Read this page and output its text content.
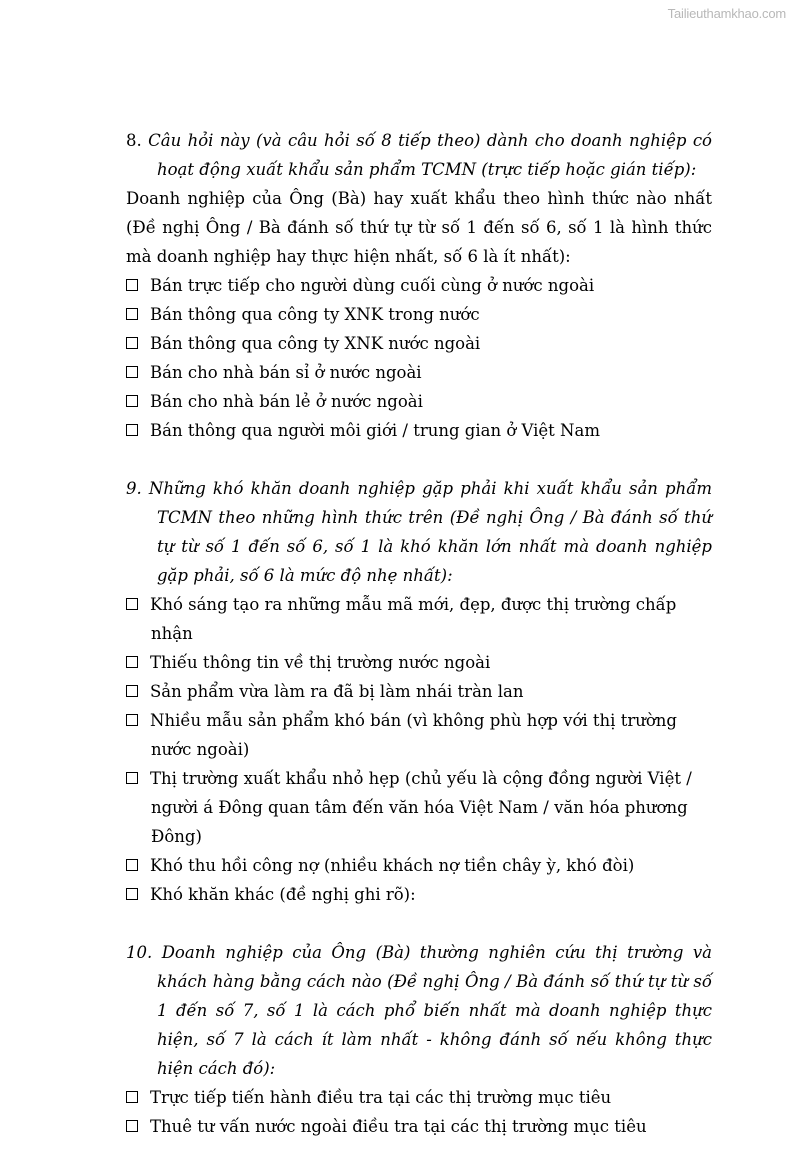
Tailieuthamkhao.com
8. Câu hỏi này (và câu hỏi số 8 tiếp theo) dành cho doanh nghiệp có hoạt động xuất khẩu sản phẩm TCMN (trực tiếp hoặc gián tiếp):
Doanh nghiệp của Ông (Bà) hay xuất khẩu theo hình thức nào nhất (Đề nghị Ông / Bà đánh số thứ tự từ số 1 đến số 6, số 1 là hình thức mà doanh nghiệp hay thực hiện nhất, số 6 là ít nhất):
Bán trực tiếp cho người dùng cuối cùng ở nước ngoài
Bán thông qua công ty XNK trong nước
Bán thông qua công ty XNK nước ngoài
Bán cho nhà bán sỉ ở nước ngoài
Bán cho nhà bán lẻ ở nước ngoài
Bán thông qua người môi giới / trung gian ở Việt Nam
9. Những khó khăn doanh nghiệp gặp phải khi xuất khẩu sản phẩm TCMN theo những hình thức trên (Đề nghị Ông / Bà đánh số thứ tự từ số 1 đến số 6, số 1 là khó khăn lớn nhất mà doanh nghiệp gặp phải, số 6 là mức độ nhẹ nhất):
Khó sáng tạo ra những mẫu mã mới, đẹp, được thị trường chấp nhận
Thiếu thông tin về thị trường nước ngoài
Sản phẩm vừa làm ra đã bị làm nhái tràn lan
Nhiều mẫu sản phẩm khó bán (vì không phù hợp với thị trường nước ngoài)
Thị trường xuất khẩu nhỏ hẹp (chủ yếu là cộng đồng người Việt / người á Đông quan tâm đến văn hóa Việt Nam / văn hóa phương Đông)
Khó thu hồi công nợ (nhiều khách nợ tiền chây ỳ, khó đòi)
Khó khăn khác (đề nghị ghi rõ):
10. Doanh nghiệp của Ông (Bà) thường nghiên cứu thị trường và khách hàng bằng cách nào (Đề nghị Ông / Bà đánh số thứ tự từ số 1 đến số 7, số 1 là cách phổ biến nhất mà doanh nghiệp thực hiện, số 7 là cách ít làm nhất - không đánh số nếu không thực hiện cách đó):
Trực tiếp tiến hành điều tra tại các thị trường mục tiêu
Thuê tư vấn nước ngoài điều tra tại các thị trường mục tiêu
